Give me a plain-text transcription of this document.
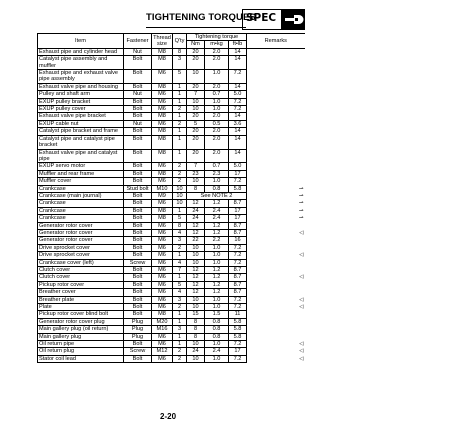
TIGHTENING TORQUES
SPEC
Item	Fastener	Thread size	Q'ty	Tightening torque			Remarks
				Nm	m•kg	ft•lb	
Exhaust pipe and cylinder head	Nut	M8	8	20	2.0	14	
Catalyst pipe assembly and muffler	Bolt	M8	3	20	2.0	14	
Exhaust pipe and exhaust valve pipe assembly	Bolt	M6	5	10	1.0	7.2	
Exhaust valve pipe and housing	Bolt	M8	1	20	2.0	14	
Pulley and shaft arm	Nut	M6	1	7	0.7	5.0	
EXUP pulley bracket	Bolt	M6	1	10	1.0	7.2	
EXUP pulley cover	Bolt	M6	2	10	1.0	7.2	
Exhaust valve pipe bracket	Bolt	M8	1	20	2.0	14	
EXUP cable nut	Nut	M6	2	5	0.5	3.6	
Catalyst pipe bracket and frame	Bolt	M8	1	20	2.0	14	
Catalyst pipe and catalyst pipe bracket	Bolt	M8	1	20	2.0	14	
Exhaust valve pipe and catalyst pipe	Bolt	M8	1	20	2.0	14	
EXUP servo motor	Bolt	M6	2	7	0.7	5.0	
Muffler and rear frame	Bolt	M8	2	23	2.3	17	
Muffler cover	Bolt	M6	2	10	1.0	7.2	
Crankcase	Stud bolt	M10	10	8	0.8	5.8	⊸
Crankcase (main journal)	Bolt	M9	10	See NOTE 2			⊸
Crankcase	Bolt	M6	10	12	1.2	8.7	⊸
Crankcase	Bolt	M8	1	24	2.4	17	⊸
Crankcase	Bolt	M8	5	24	2.4	17	⊸
Generator rotor cover	Bolt	M6	8	12	1.2	8.7	
Generator rotor cover	Bolt	M6	4	12	1.2	8.7	◁
Generator rotor cover	Bolt	M6	3	22	2.2	16	
Drive sprocket cover	Bolt	M6	2	10	1.0	7.2	
Drive sprocket cover	Bolt	M6	1	10	1.0	7.2	◁
Crankcase cover (left)	Screw	M6	4	10	1.0	7.2	
Clutch cover	Bolt	M6	7	12	1.2	8.7	
Clutch cover	Bolt	M6	1	12	1.2	8.7	◁
Pickup rotor cover	Bolt	M6	5	12	1.2	8.7	
Breather cover	Bolt	M6	4	12	1.2	8.7	
Breather plate	Bolt	M6	3	10	1.0	7.2	◁
Plate	Bolt	M6	2	10	1.0	7.2	◁
Pickup rotor cover blind bolt	Bolt	M8	1	15	1.5	11	
Generator rotor cover plug	Plug	M20	1	8	0.8	5.8	
Main gallery plug (oil return)	Plug	M16	3	8	0.8	5.8	
Main gallery plug	Plug	M6	1	8	0.8	5.8	
Oil return pipe	Bolt	M6	1	10	1.0	7.2	◁
Oil return plug	Screw	M12	2	24	2.4	17	◁
Stator coil lead	Bolt	M6	2	10	1.0	7.2	◁
2-20
